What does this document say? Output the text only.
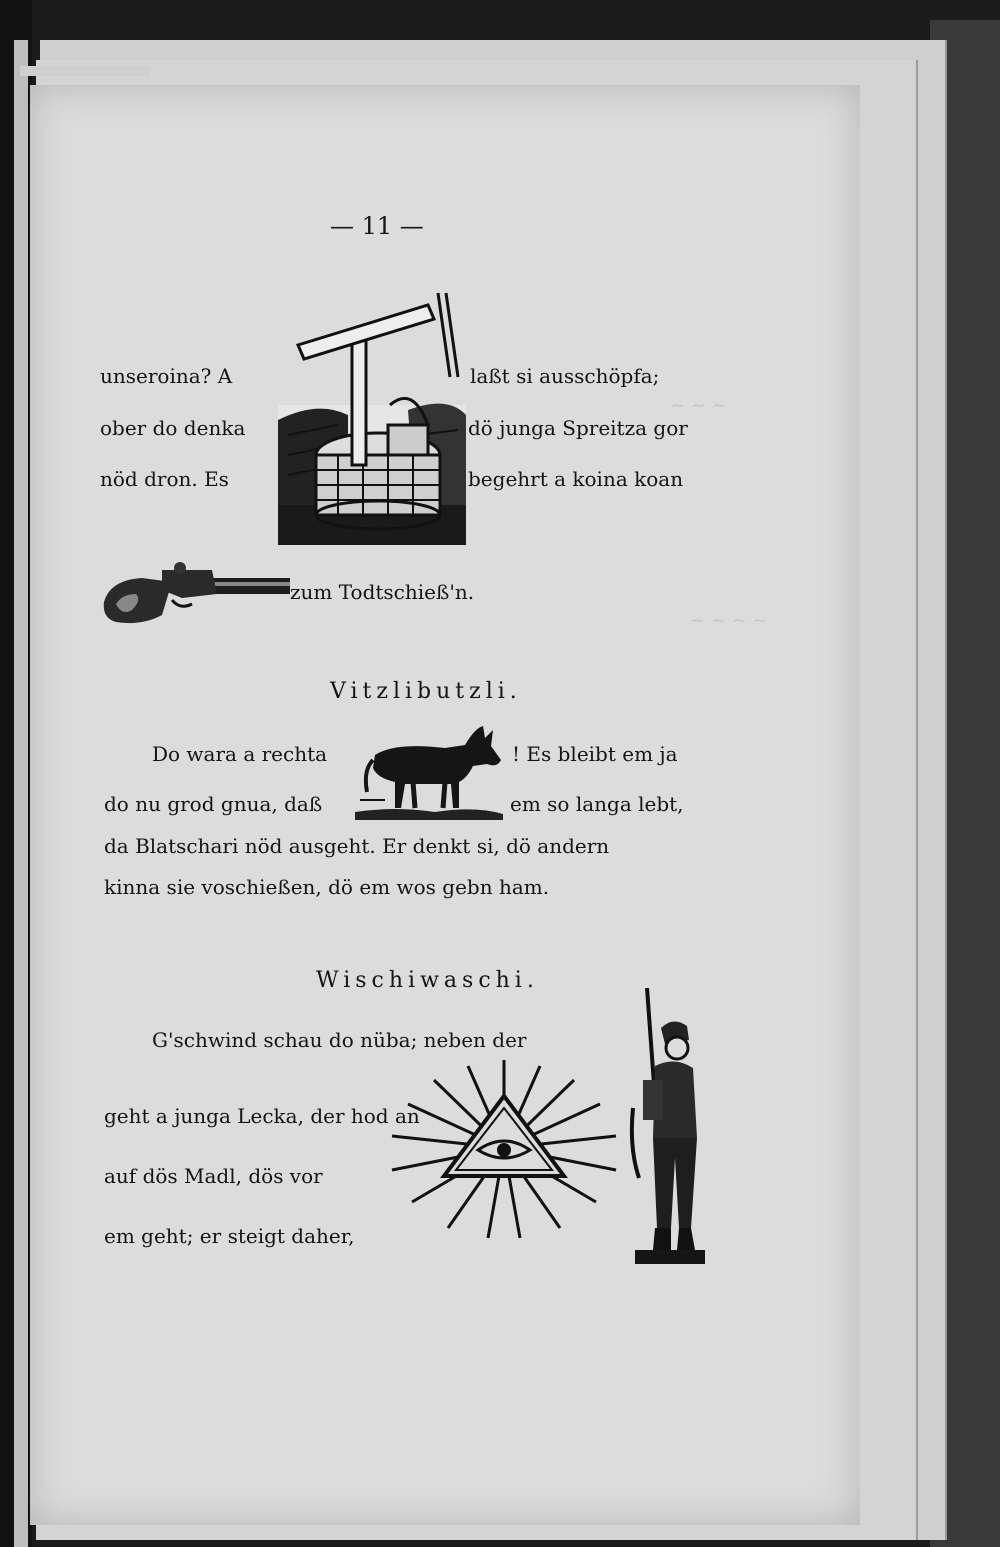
~ ~ ~
~ ~ ~ ~
— 11 —
unseroina? A
ober do denka
nöd dron. Es
laßt si ausschöpfa;
dö junga Spreitza gor
begehrt a koina koan
zum Todtschieß'n.
Vitzlibutzli.
Do wara a rechta	! Es bleibt em ja
do nu grod gnua, daß	em so langa lebt,
da Blatschari nöd ausgeht. Er denkt si, dö andern
kinna sie voschießen, dö em wos gebn ham.
Wischiwaschi.
G'schwind schau do nüba; neben der
geht a junga Lecka, der hod an
auf dös Madl, dös vor
em geht; er steigt daher,
